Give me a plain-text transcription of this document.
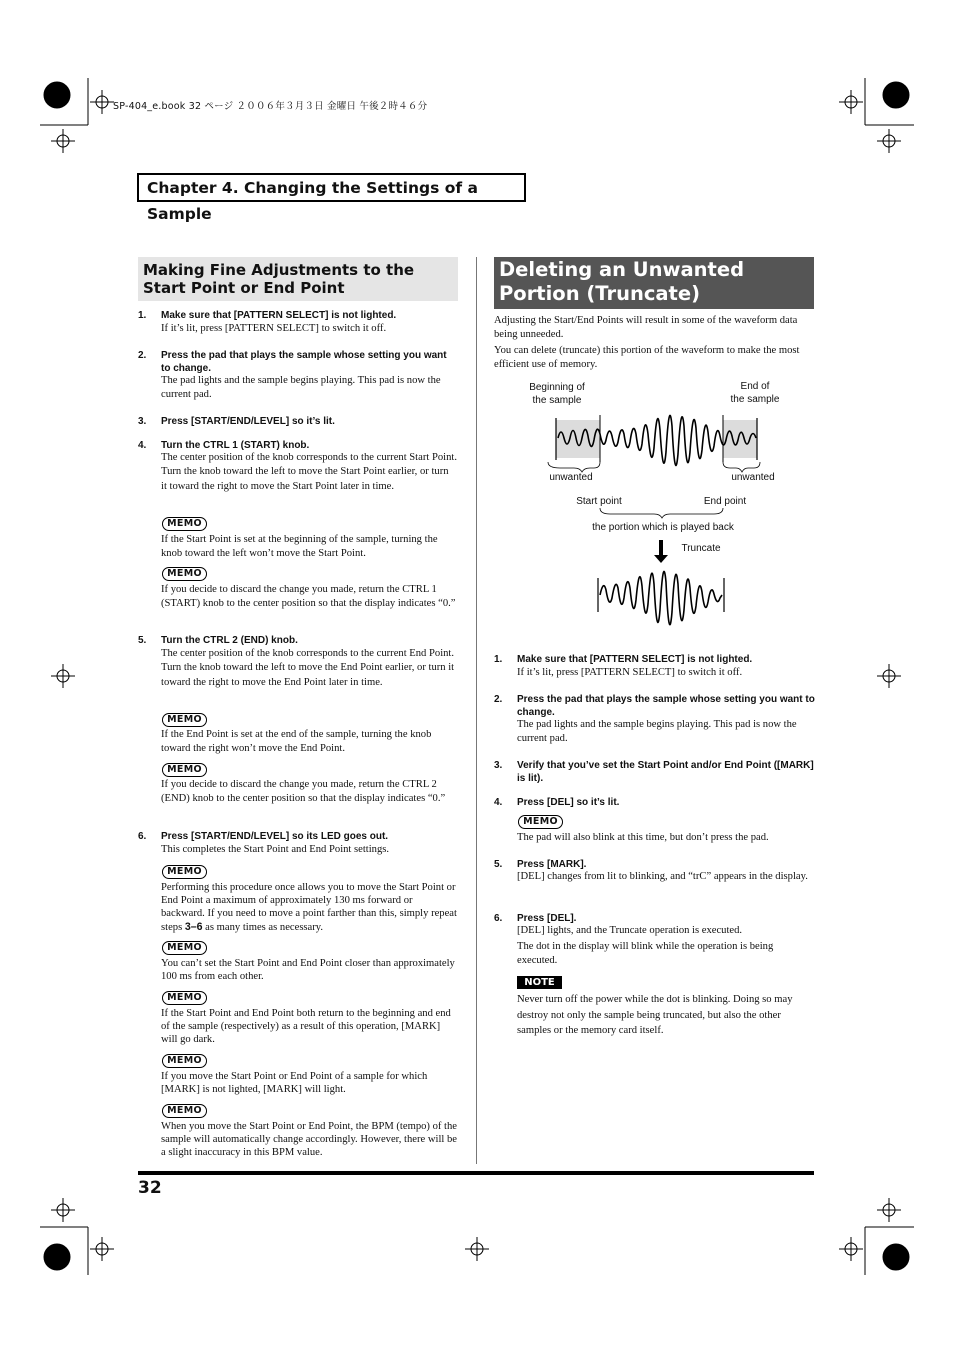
SP-404_e.book 32 ページ ２００６年３月３日 金曜日 午後２時４６分
Chapter 4. Changing the Settings of a Sample
Making Fine Adjustments to the Start Point or End Point
Deleting an Unwanted Portion (Truncate)
1. Make sure that [PATTERN SELECT] is not lighted.
If it’s lit, press [PATTERN SELECT] to switch it off.
2. Press the pad that plays the sample whose setting you want to change.
The pad lights and the sample begins playing. This pad is now the current pad.
3. Press [START/END/LEVEL] so it’s lit.
4. Turn the CTRL 1 (START) knob.
The center position of the knob corresponds to the current Start Point. Turn the knob toward the left to move the Start Point earlier, or turn it toward the right to move the Start Point later in time.
MEMO
If the Start Point is set at the beginning of the sample, turning the knob toward the left won’t move the Start Point.
MEMO
If you decide to discard the change you made, return the CTRL 1 (START) knob to the center position so that the display indicates “0.”
5. Turn the CTRL 2 (END) knob.
The center position of the knob corresponds to the current End Point. Turn the knob toward the left to move the End Point earlier, or turn it toward the right to move the End Point later in time.
MEMO
If the End Point is set at the end of the sample, turning the knob toward the right won’t move the End Point.
MEMO
If you decide to discard the change you made, return the CTRL 2 (END) knob to the center position so that the display indicates “0.”
6. Press [START/END/LEVEL] so its LED goes out.
This completes the Start Point and End Point settings.
MEMO
Performing this procedure once allows you to move the Start Point or End Point a maximum of approximately 130 ms forward or backward. If you need to move a point farther than this, simply repeat steps 3–6 as many times as necessary.
MEMO
You can’t set the Start Point and End Point closer than approximately 100 ms from each other.
MEMO
If the Start Point and End Point both return to the beginning and end of the sample (respectively) as a result of this operation, [MARK] will go dark.
MEMO
If you move the Start Point or End Point of a sample for which [MARK] is not lighted, [MARK] will light.
MEMO
When you move the Start Point or End Point, the BPM (tempo) of the sample will automatically change accordingly. However, there will be a slight inaccuracy in this BPM value.
Adjusting the Start/End Points will result in some of the waveform data being unneeded.
You can delete (truncate) this portion of the waveform to make the most efficient use of memory.
Beginning of
the sample
End of
the sample
unwanted	unwanted
Start point	End point
the portion which is played back
Truncate
1. Make sure that [PATTERN SELECT] is not lighted.
If it’s lit, press [PATTERN SELECT] to switch it off.
2. Press the pad that plays the sample whose setting you want to change.
The pad lights and the sample begins playing. This pad is now the current pad.
3. Verify that you’ve set the Start Point and/or End Point ([MARK] is lit).
4. Press [DEL] so it’s lit.
MEMO
The pad will also blink at this time, but don’t press the pad.
5. Press [MARK].
[DEL] changes from lit to blinking, and “trC” appears in the display.
6. Press [DEL].
[DEL] lights, and the Truncate operation is executed.
The dot in the display will blink while the operation is being executed.
NOTE
Never turn off the power while the dot is blinking. Doing so may destroy not only the sample being truncated, but also the other samples or the memory card itself.
32
